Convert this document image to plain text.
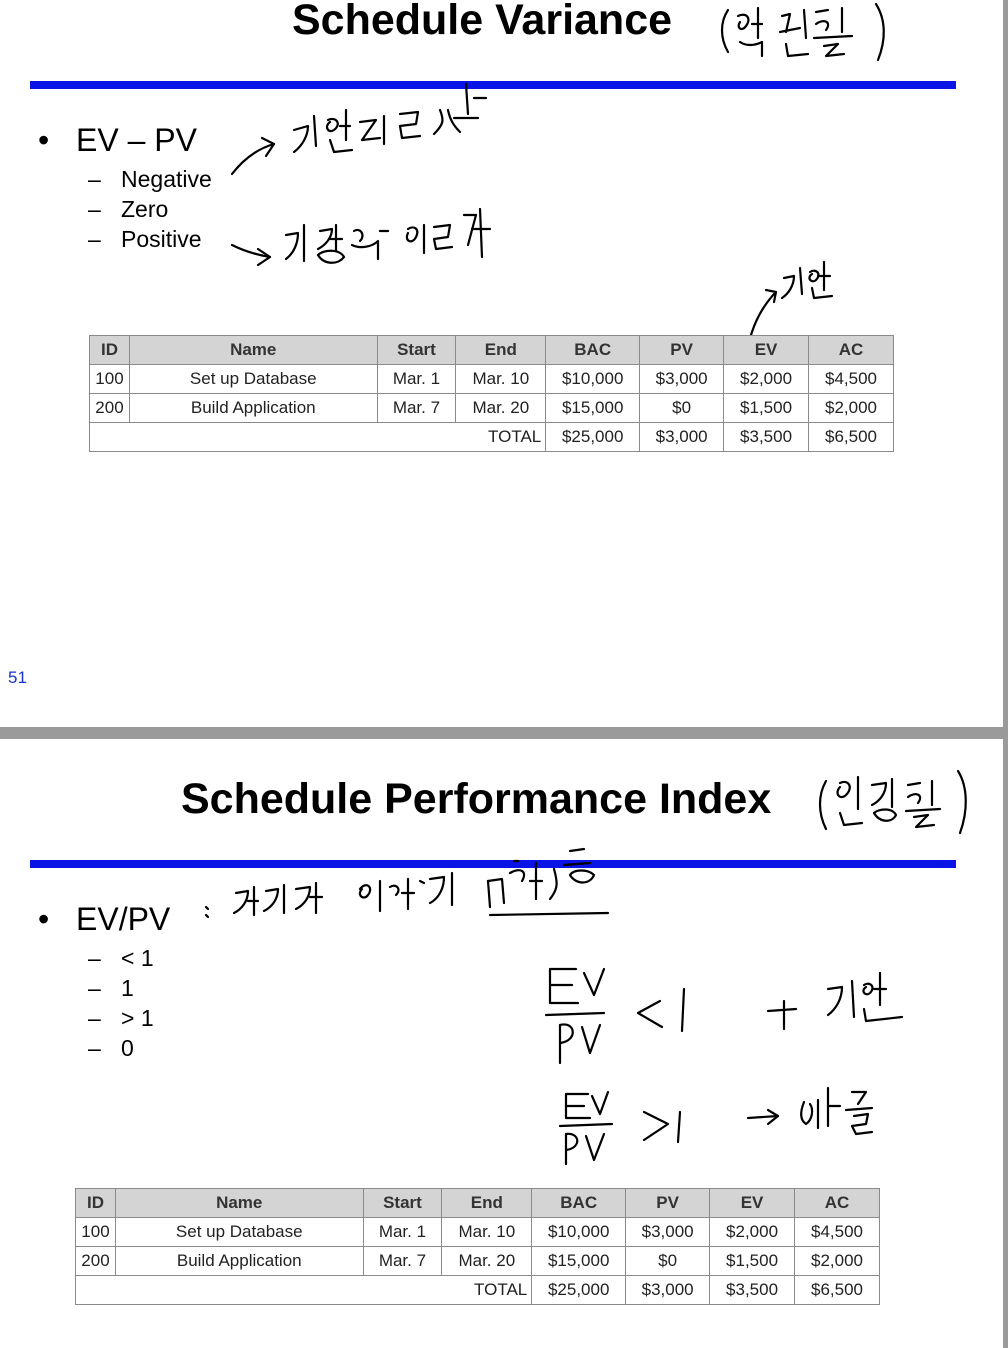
Schedule Variance
• EV – PV
– Negative
– Zero
– Positive
ID	Name	Start	End	BAC	PV	EV	AC
100	Set up Database	Mar. 1	Mar. 10	$10,000	$3,000	$2,000	$4,500
200	Build Application	Mar. 7	Mar. 20	$15,000	$0	$1,500	$2,000
TOTAL				$25,000	$3,000	$3,500	$6,500
51
Schedule Performance Index
• EV/PV
– < 1
– 1
– > 1
– 0
ID	Name	Start	End	BAC	PV	EV	AC
100	Set up Database	Mar. 1	Mar. 10	$10,000	$3,000	$2,000	$4,500
200	Build Application	Mar. 7	Mar. 20	$15,000	$0	$1,500	$2,000
TOTAL				$25,000	$3,000	$3,500	$6,500
